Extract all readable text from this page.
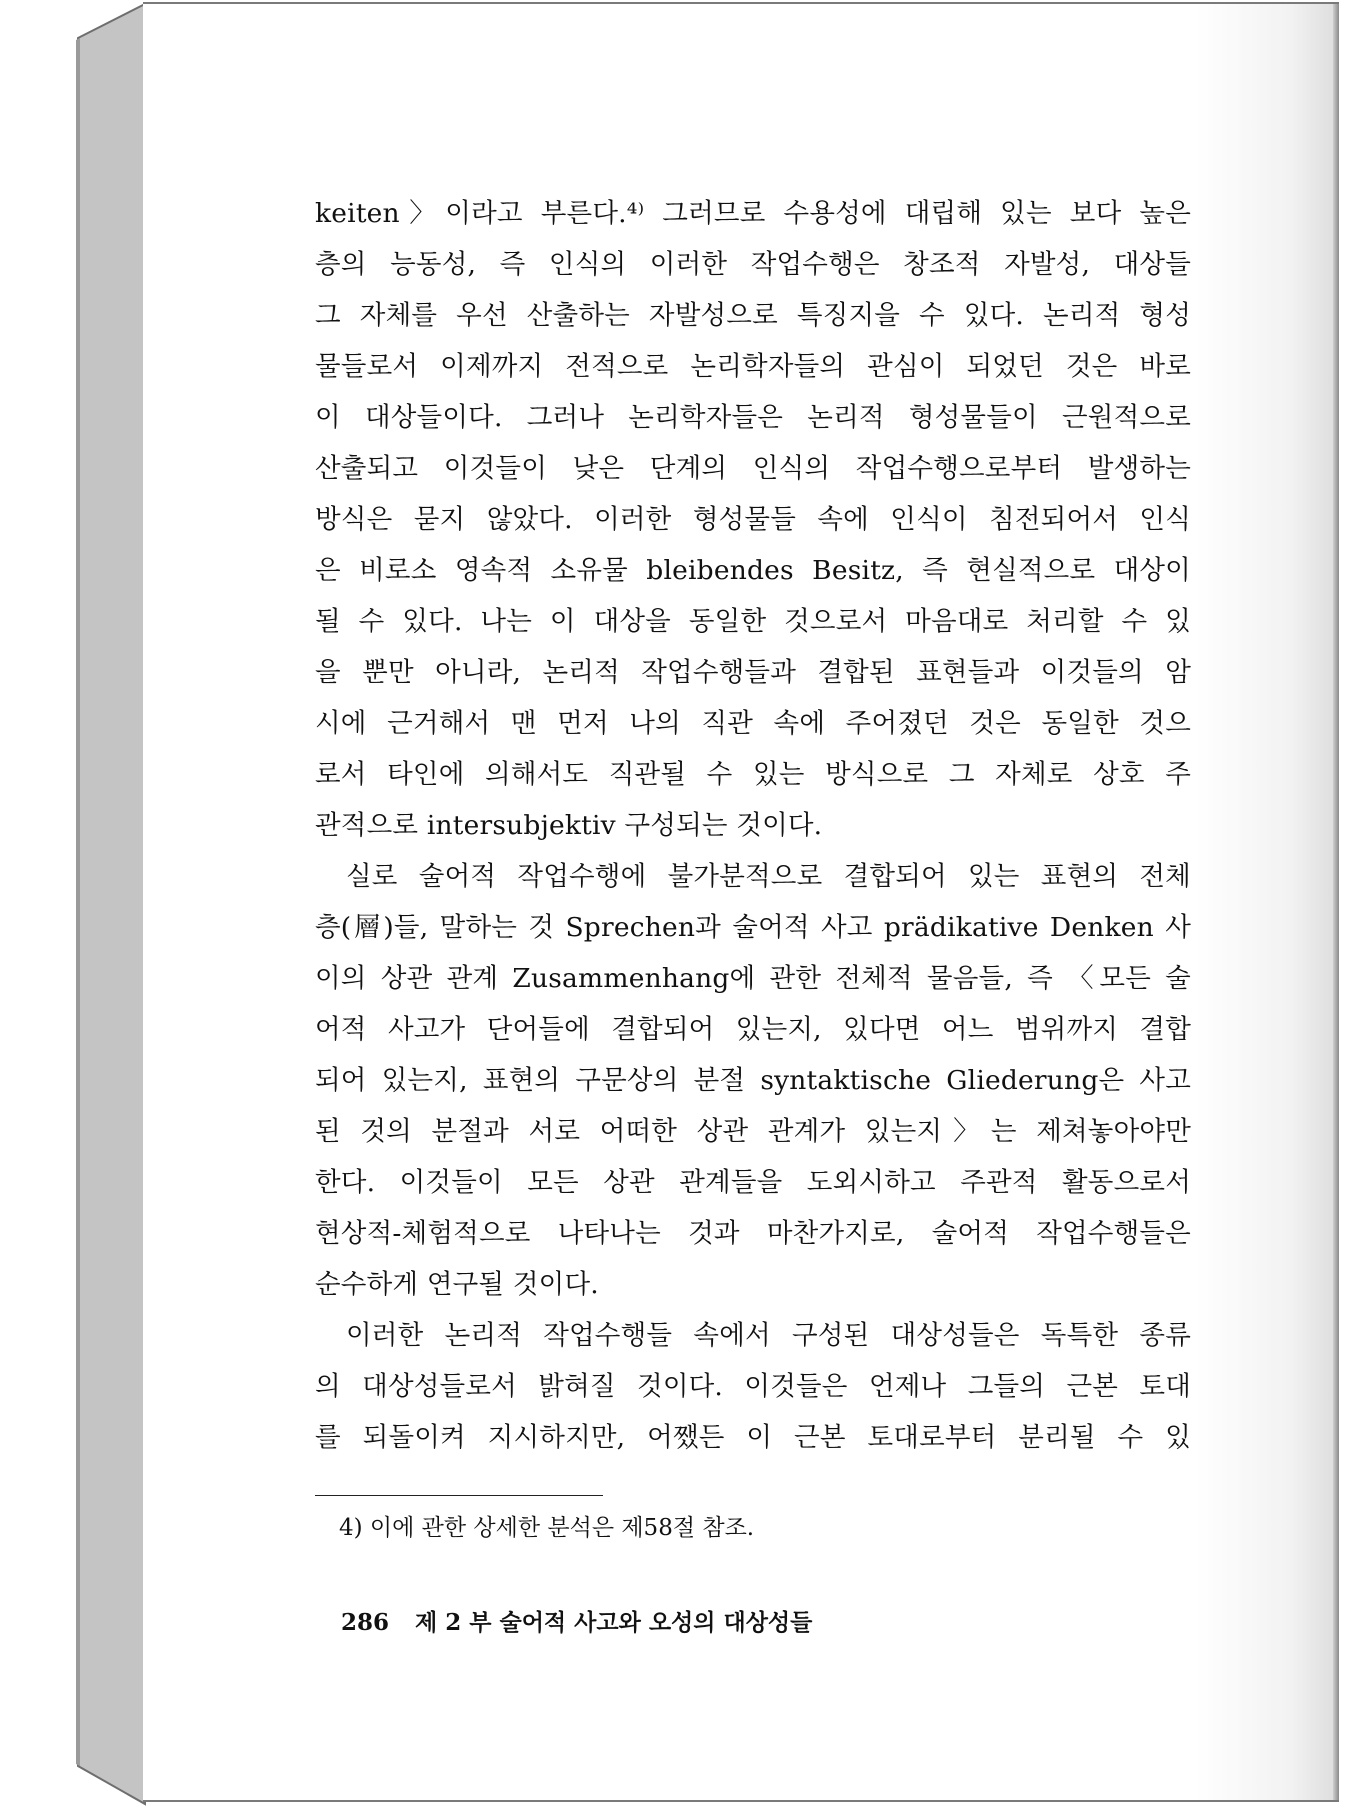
keiten〉이라고 부른다.⁴⁾ 그러므로 수용성에 대립해 있는 보다 높은
층의 능동성, 즉 인식의 이러한 작업수행은 창조적 자발성, 대상들
그 자체를 우선 산출하는 자발성으로 특징지을 수 있다. 논리적 형성
물들로서 이제까지 전적으로 논리학자들의 관심이 되었던 것은 바로
이 대상들이다. 그러나 논리학자들은 논리적 형성물들이 근원적으로
산출되고 이것들이 낮은 단계의 인식의 작업수행으로부터 발생하는
방식은 묻지 않았다. 이러한 형성물들 속에 인식이 침전되어서 인식
은 비로소 영속적 소유물 bleibendes Besitz, 즉 현실적으로 대상이
될 수 있다. 나는 이 대상을 동일한 것으로서 마음대로 처리할 수 있
을 뿐만 아니라, 논리적 작업수행들과 결합된 표현들과 이것들의 암
시에 근거해서 맨 먼저 나의 직관 속에 주어졌던 것은 동일한 것으
로서 타인에 의해서도 직관될 수 있는 방식으로 그 자체로 상호 주
관적으로 intersubjektiv 구성되는 것이다.
실로 술어적 작업수행에 불가분적으로 결합되어 있는 표현의 전체
층(層)들, 말하는 것 Sprechen과 술어적 사고 prädikative Denken 사
이의 상관 관계 Zusammenhang에 관한 전체적 물음들, 즉 〈모든 술
어적 사고가 단어들에 결합되어 있는지, 있다면 어느 범위까지 결합
되어 있는지, 표현의 구문상의 분절 syntaktische Gliederung은 사고
된 것의 분절과 서로 어떠한 상관 관계가 있는지〉는 제쳐놓아야만
한다. 이것들이 모든 상관 관계들을 도외시하고 주관적 활동으로서
현상적-체험적으로 나타나는 것과 마찬가지로, 술어적 작업수행들은
순수하게 연구될 것이다.
이러한 논리적 작업수행들 속에서 구성된 대상성들은 독특한 종류
의 대상성들로서 밝혀질 것이다. 이것들은 언제나 그들의 근본 토대
를 되돌이켜 지시하지만, 어쨌든 이 근본 토대로부터 분리될 수 있
4) 이에 관한 상세한 분석은 제58절 참조.
286 제 2 부 술어적 사고와 오성의 대상성들
